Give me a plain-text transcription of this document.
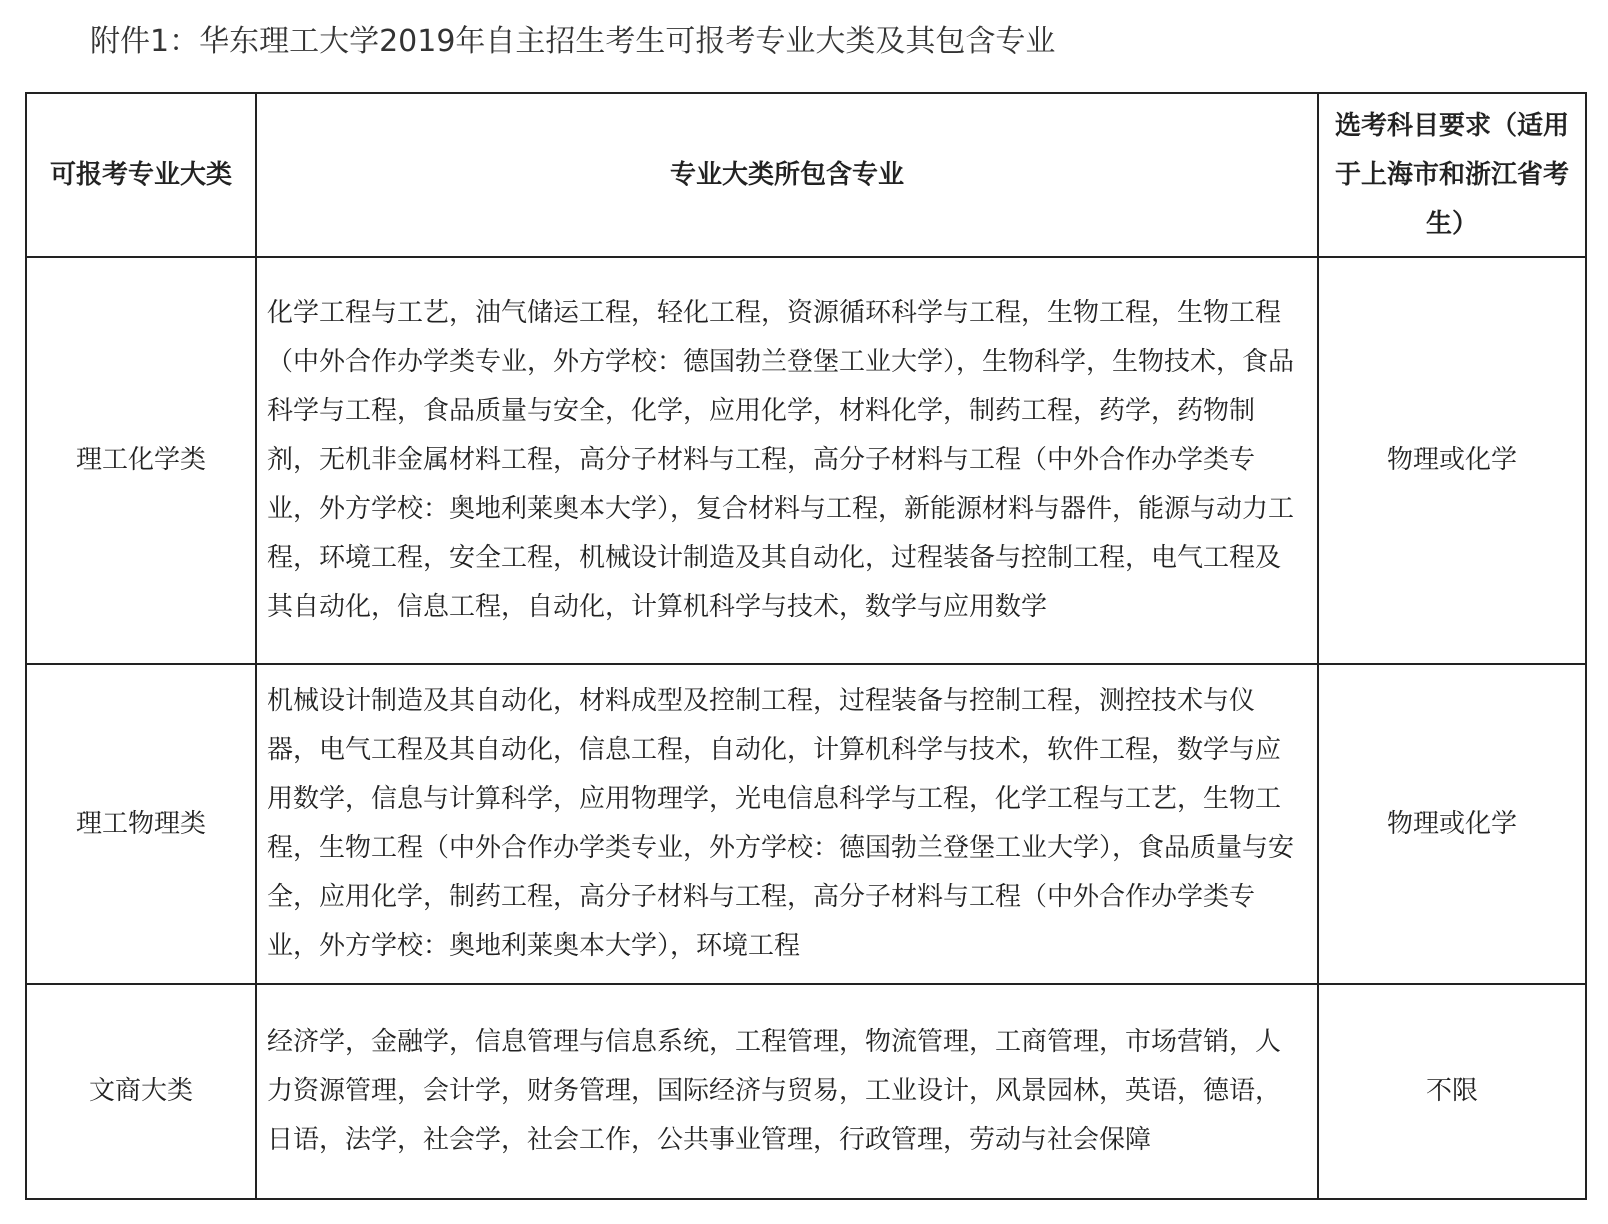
附件1：华东理工大学2019年自主招生考生可报考专业大类及其包含专业
可报考专业大类	专业大类所包含专业	选考科目要求（适用于上海市和浙江省考生）
理工化学类	化学工程与工艺，油气储运工程，轻化工程，资源循环科学与工程，生物工程，生物工程（中外合作办学类专业，外方学校：德国勃兰登堡工业大学），生物科学，生物技术，食品科学与工程，食品质量与安全，化学，应用化学，材料化学，制药工程，药学，药物制剂，无机非金属材料工程，高分子材料与工程，高分子材料与工程（中外合作办学类专业，外方学校：奥地利莱奥本大学），复合材料与工程，新能源材料与器件，能源与动力工程，环境工程，安全工程，机械设计制造及其自动化，过程装备与控制工程，电气工程及其自动化，信息工程，自动化，计算机科学与技术，数学与应用数学	物理或化学
理工物理类	机械设计制造及其自动化，材料成型及控制工程，过程装备与控制工程，测控技术与仪器，电气工程及其自动化，信息工程，自动化，计算机科学与技术，软件工程，数学与应用数学，信息与计算科学，应用物理学，光电信息科学与工程，化学工程与工艺，生物工程，生物工程（中外合作办学类专业，外方学校：德国勃兰登堡工业大学），食品质量与安全，应用化学，制药工程，高分子材料与工程，高分子材料与工程（中外合作办学类专业，外方学校：奥地利莱奥本大学），环境工程	物理或化学
文商大类	经济学，金融学，信息管理与信息系统，工程管理，物流管理，工商管理，市场营销，人力资源管理，会计学，财务管理，国际经济与贸易，工业设计，风景园林，英语，德语，日语，法学，社会学，社会工作，公共事业管理，行政管理，劳动与社会保障	不限
